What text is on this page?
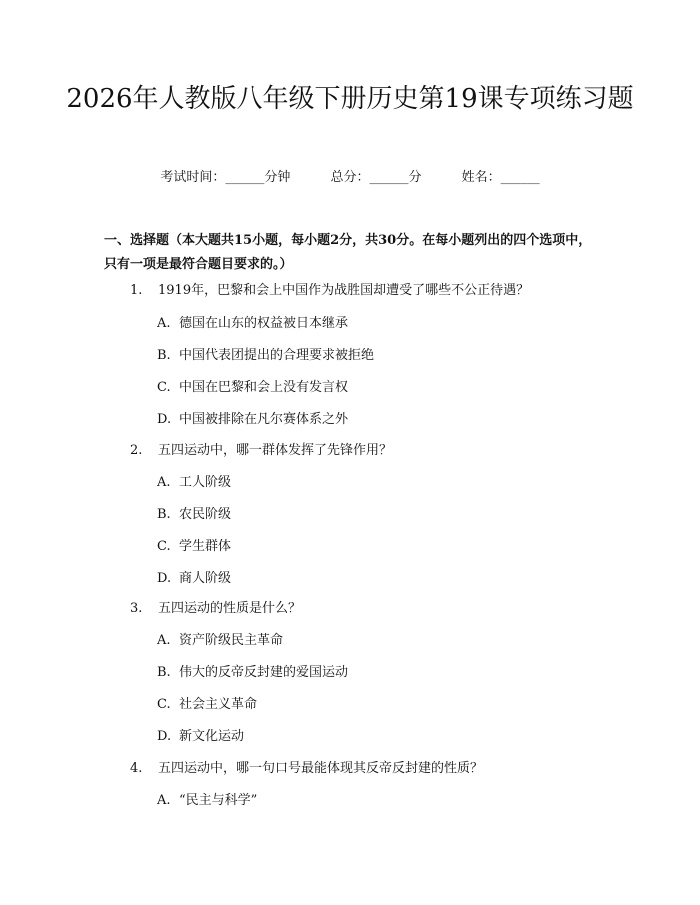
2026年人教版八年级下册历史第19课专项练习题
考试时间：______分钟	总分：______分	姓名：______

一、选择题（本大题共15小题，每小题2分，共30分。在每小题列出的四个选项中，只有一项是最符合题目要求的。）

1. 1919年，巴黎和会上中国作为战胜国却遭受了哪些不公正待遇？
A. 德国在山东的权益被日本继承
B. 中国代表团提出的合理要求被拒绝
C. 中国在巴黎和会上没有发言权
D. 中国被排除在凡尔赛体系之外
2. 五四运动中，哪一群体发挥了先锋作用？
A. 工人阶级
B. 农民阶级
C. 学生群体
D. 商人阶级
3. 五四运动的性质是什么？
A. 资产阶级民主革命
B. 伟大的反帝反封建的爱国运动
C. 社会主义革命
D. 新文化运动
4. 五四运动中，哪一句口号最能体现其反帝反封建的性质？
A. “民主与科学”
